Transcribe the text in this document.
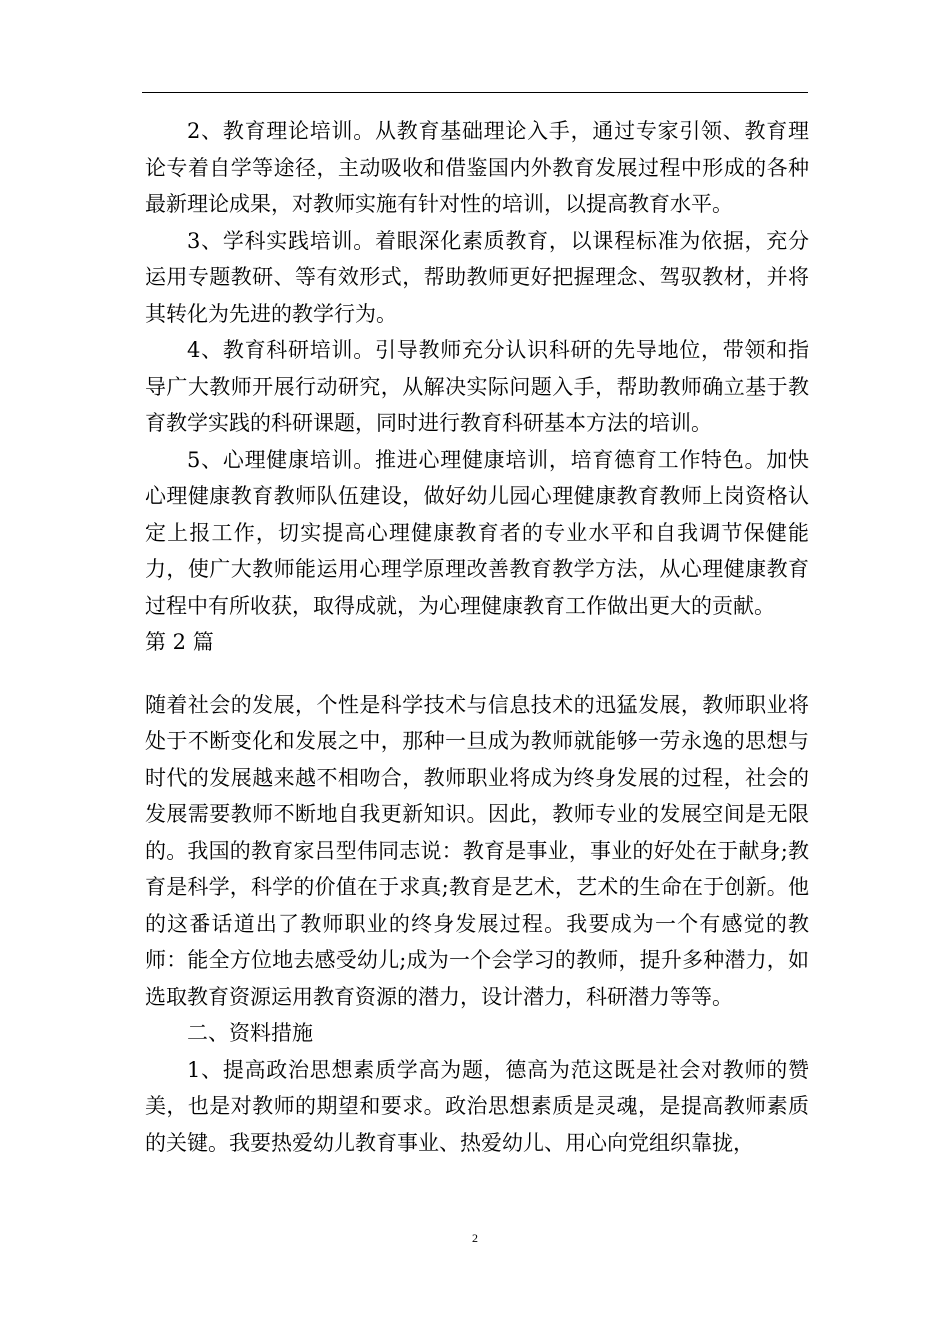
2、教育理论培训。从教育基础理论入手，通过专家引领、教育理论专着自学等途径，主动吸收和借鉴国内外教育发展过程中形成的各种最新理论成果，对教师实施有针对性的培训，以提高教育水平。

3、学科实践培训。着眼深化素质教育，以课程标准为依据，充分运用专题教研、等有效形式，帮助教师更好把握理念、驾驭教材，并将其转化为先进的教学行为。

4、教育科研培训。引导教师充分认识科研的先导地位，带领和指导广大教师开展行动研究，从解决实际问题入手，帮助教师确立基于教育教学实践的科研课题，同时进行教育科研基本方法的培训。

5、心理健康培训。推进心理健康培训，培育德育工作特色。加快心理健康教育教师队伍建设，做好幼儿园心理健康教育教师上岗资格认定上报工作，切实提高心理健康教育者的专业水平和自我调节保健能力，使广大教师能运用心理学原理改善教育教学方法，从心理健康教育过程中有所收获，取得成就，为心理健康教育工作做出更大的贡献。

第 2 篇

随着社会的发展，个性是科学技术与信息技术的迅猛发展，教师职业将处于不断变化和发展之中，那种一旦成为教师就能够一劳永逸的思想与时代的发展越来越不相吻合，教师职业将成为终身发展的过程，社会的发展需要教师不断地自我更新知识。因此，教师专业的发展空间是无限的。我国的教育家吕型伟同志说：教育是事业，事业的好处在于献身;教育是科学，科学的价值在于求真;教育是艺术，艺术的生命在于创新。他的这番话道出了教师职业的终身发展过程。我要成为一个有感觉的教师：能全方位地去感受幼儿;成为一个会学习的教师，提升多种潜力，如选取教育资源运用教育资源的潜力，设计潜力，科研潜力等等。

二、资料措施

1、提高政治思想素质学高为题，德高为范这既是社会对教师的赞美，也是对教师的期望和要求。政治思想素质是灵魂，是提高教师素质的关键。我要热爱幼儿教育事业、热爱幼儿、用心向党组织靠拢，

2
